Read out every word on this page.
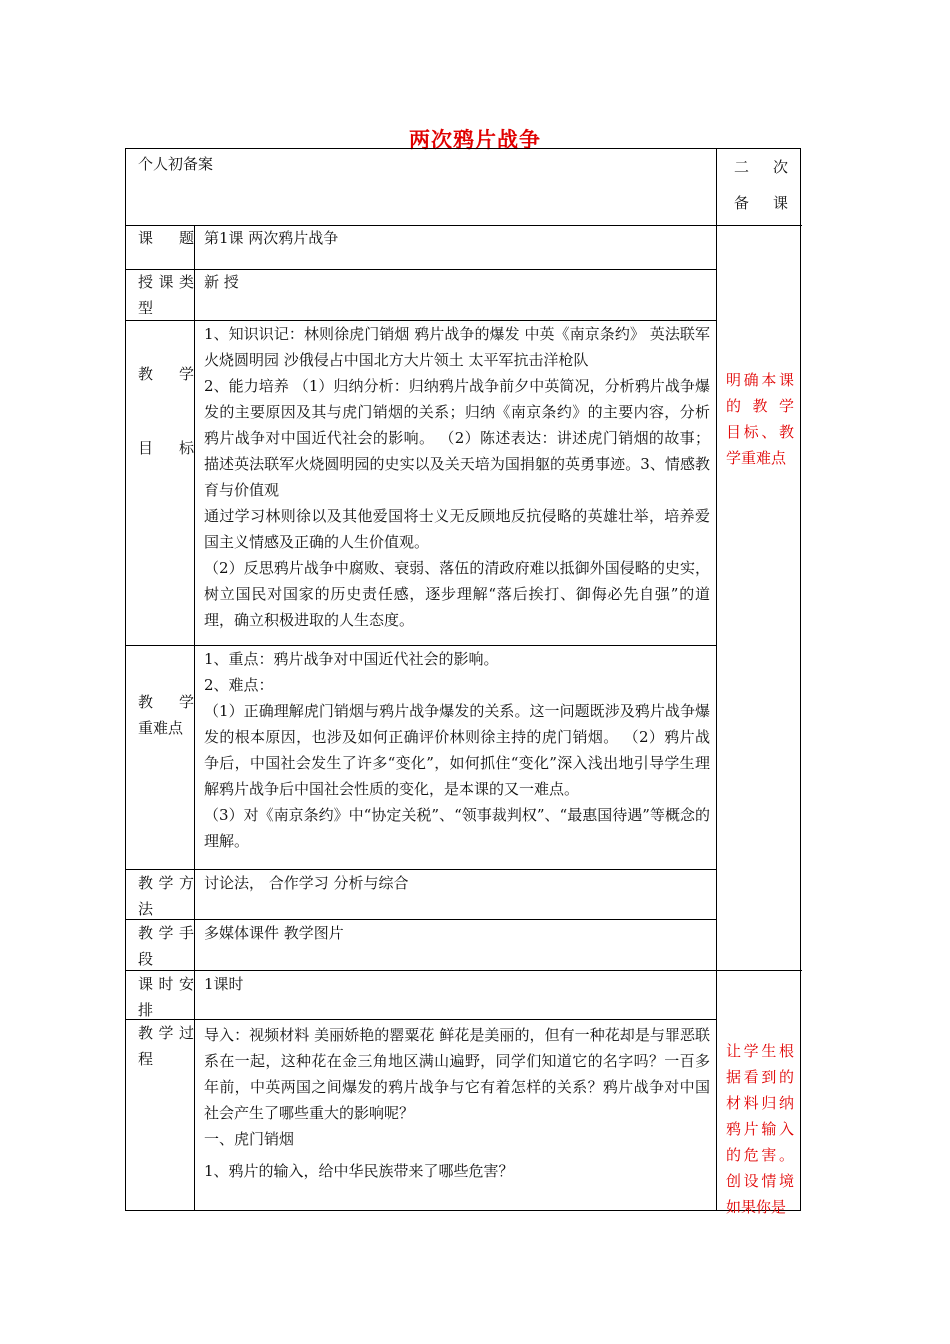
两次鸦片战争
个人初备案	二 次
备 课
课 题 第1课 两次鸦片战争
授 课 类 型
新 授
教 学
目 标

1、知识识记：林则徐虎门销烟 鸦片战争的爆发 中英《南京条约》 英法联军火烧圆明园 沙俄侵占中国北方大片领土 太平军抗击洋枪队

2、能力培养 （1）归纳分析：归纳鸦片战争前夕中英简况，分析鸦片战争爆发的主要原因及其与虎门销烟的关系；归纳《南京条约》的主要内容，分析鸦片战争对中国近代社会的影响。 （2）陈述表达：讲述虎门销烟的故事；描述英法联军火烧圆明园的史实以及关天培为国捐躯的英勇事迹。3、情感教育与价值观

通过学习林则徐以及其他爱国将士义无反顾地反抗侵略的英雄壮举，培养爱国主义情感及正确的人生价值观。

（2）反思鸦片战争中腐败、衰弱、落伍的清政府难以抵御外国侵略的史实，树立国民对国家的历史责任感，逐步理解“落后挨打、御侮必先自强”的道理，确立积极进取的人生态度。

明确本课的 教 学目标、教学重难点
教 学
重难点

1、重点：鸦片战争对中国近代社会的影响。

2、难点：

（1）正确理解虎门销烟与鸦片战争爆发的关系。这一问题既涉及鸦片战争爆发的根本原因，也涉及如何正确评价林则徐主持的虎门销烟。 （2）鸦片战争后，中国社会发生了许多“变化”，如何抓住“变化”深入浅出地引导学生理解鸦片战争后中国社会性质的变化，是本课的又一难点。

（3）对《南京条约》中“协定关税”、“领事裁判权”、“最惠国待遇”等概念的理解。

教 学 方 法
讨论法， 合作学习 分析与综合
教 学 手 段
多媒体课件 教学图片
课 时 安 排
1课时
教 学 过 程

导入：视频材料 美丽娇艳的罂粟花 鲜花是美丽的，但有一种花却是与罪恶联系在一起，这种花在金三角地区满山遍野，同学们知道它的名字吗？一百多年前，中英两国之间爆发的鸦片战争与它有着怎样的关系？鸦片战争对中国社会产生了哪些重大的影响呢？

一、虎门销烟

1、鸦片的输入，给中华民族带来了哪些危害？

让学生根据看到的材料归纳鸦片输入的危害。创设情境如果你是
